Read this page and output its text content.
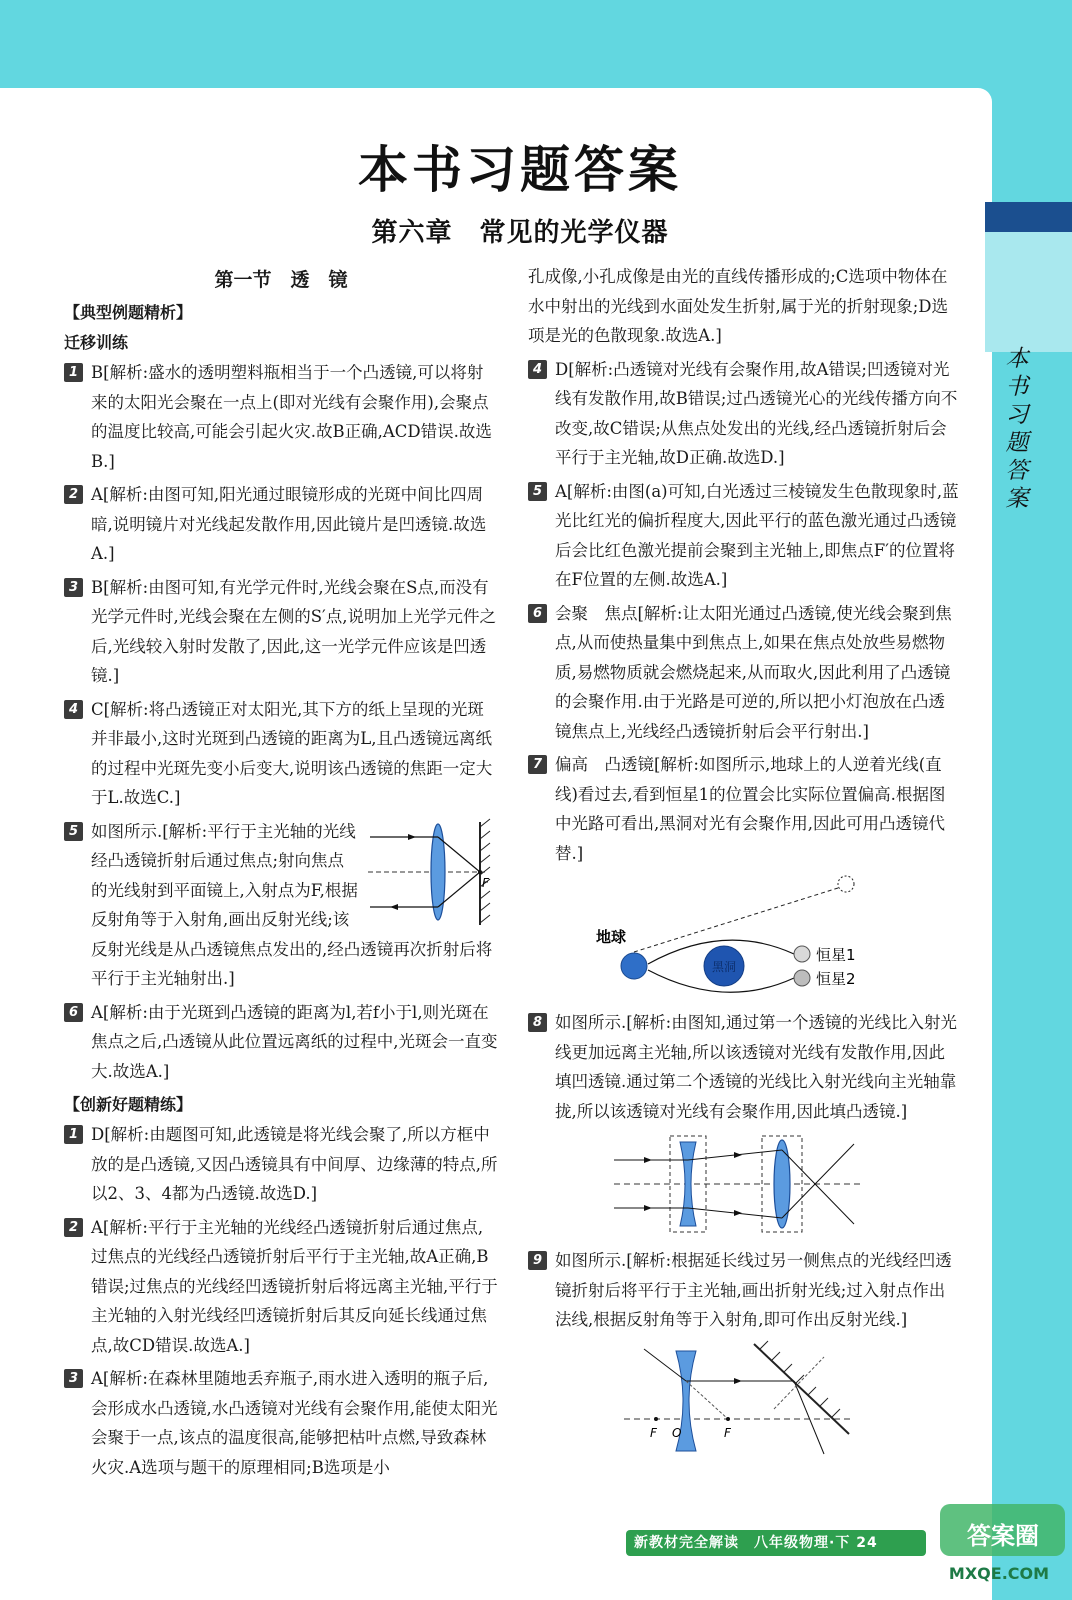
本书习题答案
本书习题答案
第六章　常见的光学仪器
第一节　透　镜
【典型例题精析】
迁移训练
1 B[解析:盛水的透明塑料瓶相当于一个凸透镜,可以将射来的太阳光会聚在一点上(即对光线有会聚作用),会聚点的温度比较高,可能会引起火灾.故B正确,ACD错误.故选B.]
2 A[解析:由图可知,阳光通过眼镜形成的光斑中间比四周暗,说明镜片对光线起发散作用,因此镜片是凹透镜.故选A.]
3 B[解析:由图可知,有光学元件时,光线会聚在S点,而没有光学元件时,光线会聚在左侧的S′点,说明加上光学元件之后,光线较入射时发散了,因此,这一光学元件应该是凹透镜.]
4 C[解析:将凸透镜正对太阳光,其下方的纸上呈现的光斑并非最小,这时光斑到凸透镜的距离为L,且凸透镜远离纸的过程中光斑先变小后变大,说明该凸透镜的焦距一定大于L.故选C.]
5
F
如图所示.[解析:平行于主光轴的光线经凸透镜折射后通过焦点;射向焦点的光线射到平面镜上,入射点为F,根据反射角等于入射角,画出反射光线;该反射光线是从凸透镜焦点发出的,经凸透镜再次折射后将平行于主光轴射出.]
6 A[解析:由于光斑到凸透镜的距离为l,若f小于l,则光斑在焦点之后,凸透镜从此位置远离纸的过程中,光斑会一直变大.故选A.]
【创新好题精练】
1 D[解析:由题图可知,此透镜是将光线会聚了,所以方框中放的是凸透镜,又因凸透镜具有中间厚、边缘薄的特点,所以2、3、4都为凸透镜.故选D.]
2 A[解析:平行于主光轴的光线经凸透镜折射后通过焦点,过焦点的光线经凸透镜折射后平行于主光轴,故A正确,B错误;过焦点的光线经凹透镜折射后将远离主光轴,平行于主光轴的入射光线经凹透镜折射后其反向延长线通过焦点,故CD错误.故选A.]
3 A[解析:在森林里随地丢弃瓶子,雨水进入透明的瓶子后,会形成水凸透镜,水凸透镜对光线有会聚作用,能使太阳光会聚于一点,该点的温度很高,能够把枯叶点燃,导致森林火灾.A选项与题干的原理相同;B选项是小
孔成像,小孔成像是由光的直线传播形成的;C选项中物体在水中射出的光线到水面处发生折射,属于光的折射现象;D选项是光的色散现象.故选A.]
4 D[解析:凸透镜对光线有会聚作用,故A错误;凹透镜对光线有发散作用,故B错误;过凸透镜光心的光线传播方向不改变,故C错误;从焦点处发出的光线,经凸透镜折射后会平行于主光轴,故D正确.故选D.]
5 A[解析:由图(a)可知,白光透过三棱镜发生色散现象时,蓝光比红光的偏折程度大,因此平行的蓝色激光通过凸透镜后会比红色激光提前会聚到主光轴上,即焦点F′的位置将在F位置的左侧.故选A.]
6 会聚　焦点[解析:让太阳光通过凸透镜,使光线会聚到焦点,从而使热量集中到焦点上,如果在焦点处放些易燃物质,易燃物质就会燃烧起来,从而取火,因此利用了凸透镜的会聚作用.由于光路是可逆的,所以把小灯泡放在凸透镜焦点上,光线经凸透镜折射后会平行射出.]
7 偏高　凸透镜[解析:如图所示,地球上的人逆着光线(直线)看过去,看到恒星1的位置会比实际位置偏高.根据图中光路可看出,黑洞对光有会聚作用,因此可用凸透镜代替.]
黑洞
地球
恒星1
恒星2
8 如图所示.[解析:由图知,通过第一个透镜的光线比入射光线更加远离主光轴,所以该透镜对光线有发散作用,因此填凹透镜.通过第二个透镜的光线比入射光线向主光轴靠拢,所以该透镜对光线有会聚作用,因此填凸透镜.]
9 如图所示.[解析:根据延长线过另一侧焦点的光线经凹透镜折射后将平行于主光轴,画出折射光线;过入射点作出法线,根据反射角等于入射角,即可作出反射光线.]
F O	F
新教材完全解读　八年级物理·下 24	答案圈
MXQE.COM
